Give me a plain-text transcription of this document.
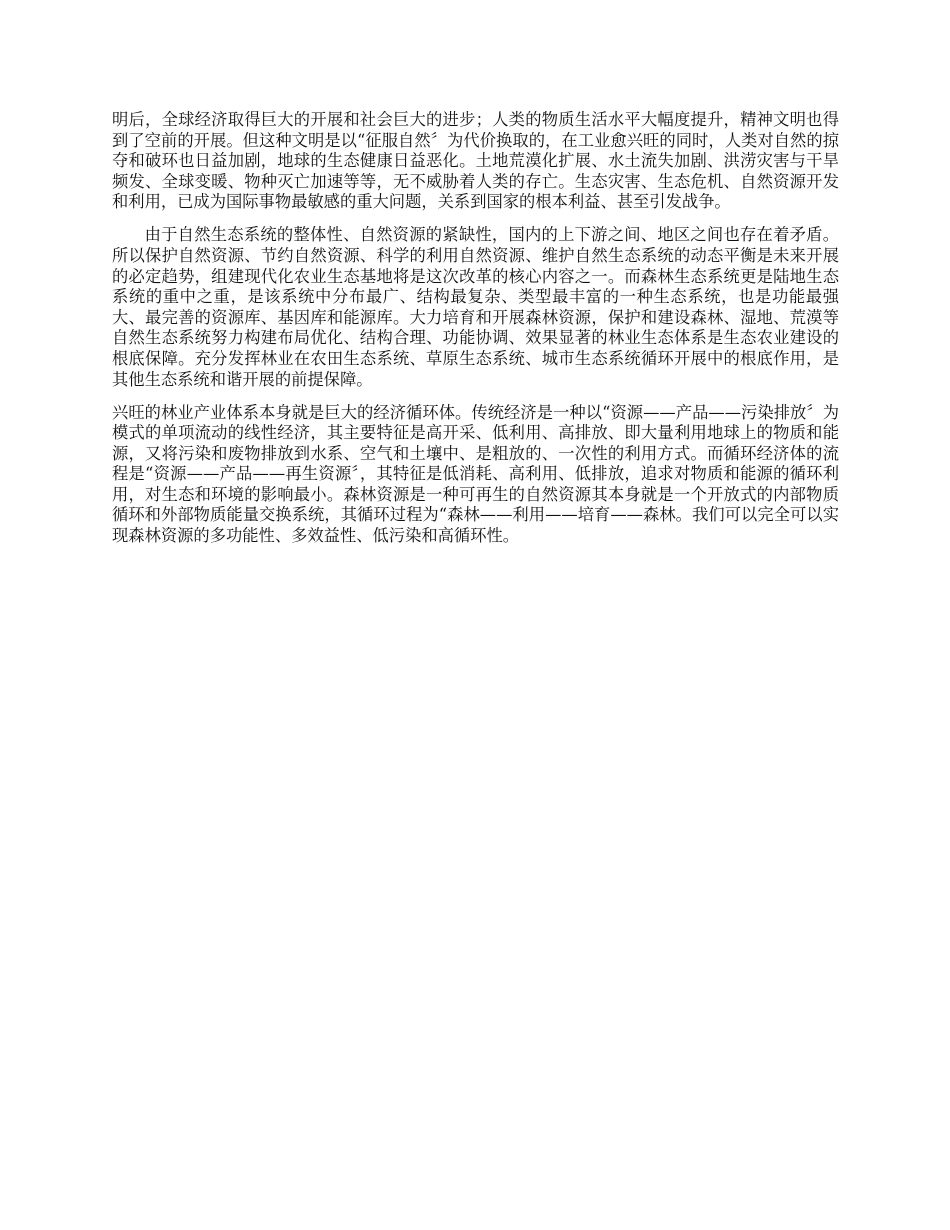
明后，全球经济取得巨大的开展和社会巨大的进步；人类的物质生活水平大幅度提升，精神文明也得到了空前的开展。但这种文明是以“征服自然〞为代价换取的，在工业愈兴旺的同时，人类对自然的掠夺和破环也日益加剧，地球的生态健康日益恶化。土地荒漠化扩展、水土流失加剧、洪涝灾害与干旱频发、全球变暖、物种灭亡加速等等，无不威胁着人类的存亡。生态灾害、生态危机、自然资源开发和利用，已成为国际事物最敏感的重大问题，关系到国家的根本利益、甚至引发战争。

由于自然生态系统的整体性、自然资源的紧缺性，国内的上下游之间、地区之间也存在着矛盾。所以保护自然资源、节约自然资源、科学的利用自然资源、维护自然生态系统的动态平衡是未来开展的必定趋势，组建现代化农业生态基地将是这次改革的核心内容之一。而森林生态系统更是陆地生态系统的重中之重，是该系统中分布最广、结构最复杂、类型最丰富的一种生态系统，也是功能最强大、最完善的资源库、基因库和能源库。大力培育和开展森林资源，保护和建设森林、湿地、荒漠等自然生态系统努力构建布局优化、结构合理、功能协调、效果显著的林业生态体系是生态农业建设的根底保障。充分发挥林业在农田生态系统、草原生态系统、城市生态系统循环开展中的根底作用，是其他生态系统和谐开展的前提保障。

兴旺的林业产业体系本身就是巨大的经济循环体。传统经济是一种以“资源——产品——污染排放〞为模式的单项流动的线性经济，其主要特征是高开采、低利用、高排放、即大量利用地球上的物质和能源，又将污染和废物排放到水系、空气和土壤中、是粗放的、一次性的利用方式。而循环经济体的流程是“资源——产品——再生资源〞，其特征是低消耗、高利用、低排放，追求对物质和能源的循环利用，对生态和环境的影响最小。森林资源是一种可再生的自然资源其本身就是一个开放式的内部物质循环和外部物质能量交换系统，其循环过程为“森林——利用——培育——森林。我们可以完全可以实现森林资源的多功能性、多效益性、低污染和高循环性。
